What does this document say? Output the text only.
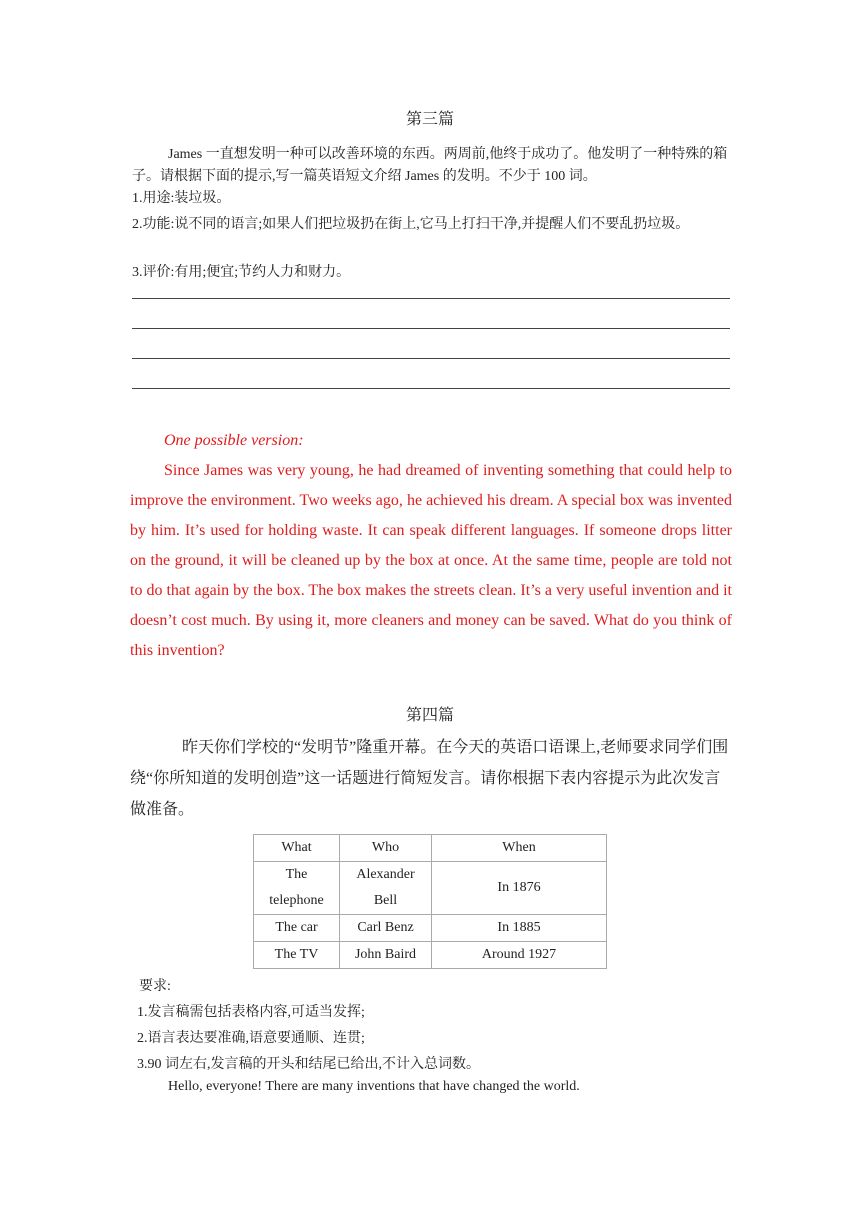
第三篇
James 一直想发明一种可以改善环境的东西。两周前,他终于成功了。他发明了一种特殊的箱子。请根据下面的提示,写一篇英语短文介绍 James 的发明。不少于 100 词。
1.用途:装垃圾。
2.功能:说不同的语言;如果人们把垃圾扔在街上,它马上打扫干净,并提醒人们不要乱扔垃圾。
3.评价:有用;便宜;节约人力和财力。
One possible version:
Since James was very young, he had dreamed of inventing something that could help to improve the environment. Two weeks ago, he achieved his dream. A special box was invented by him. It’s used for holding waste. It can speak different languages. If someone drops litter on the ground, it will be cleaned up by the box at once. At the same time, people are told not to do that again by the box. The box makes the streets clean. It’s a very useful invention and it doesn’t cost much. By using it, more cleaners and money can be saved. What do you think of this invention?
第四篇
昨天你们学校的“发明节”隆重开幕。在今天的英语口语课上,老师要求同学们围绕“你所知道的发明创造”这一话题进行简短发言。请你根据下表内容提示为此次发言做准备。
What	Who	When
The telephone	Alexander Bell	In 1876
The car	Carl Benz	In 1885
The TV	John Baird	Around 1927
要求:
1.发言稿需包括表格内容,可适当发挥;
2.语言表达要准确,语意要通顺、连贯;
3.90 词左右,发言稿的开头和结尾已给出,不计入总词数。
Hello, everyone! There are many inventions that have changed the world.
